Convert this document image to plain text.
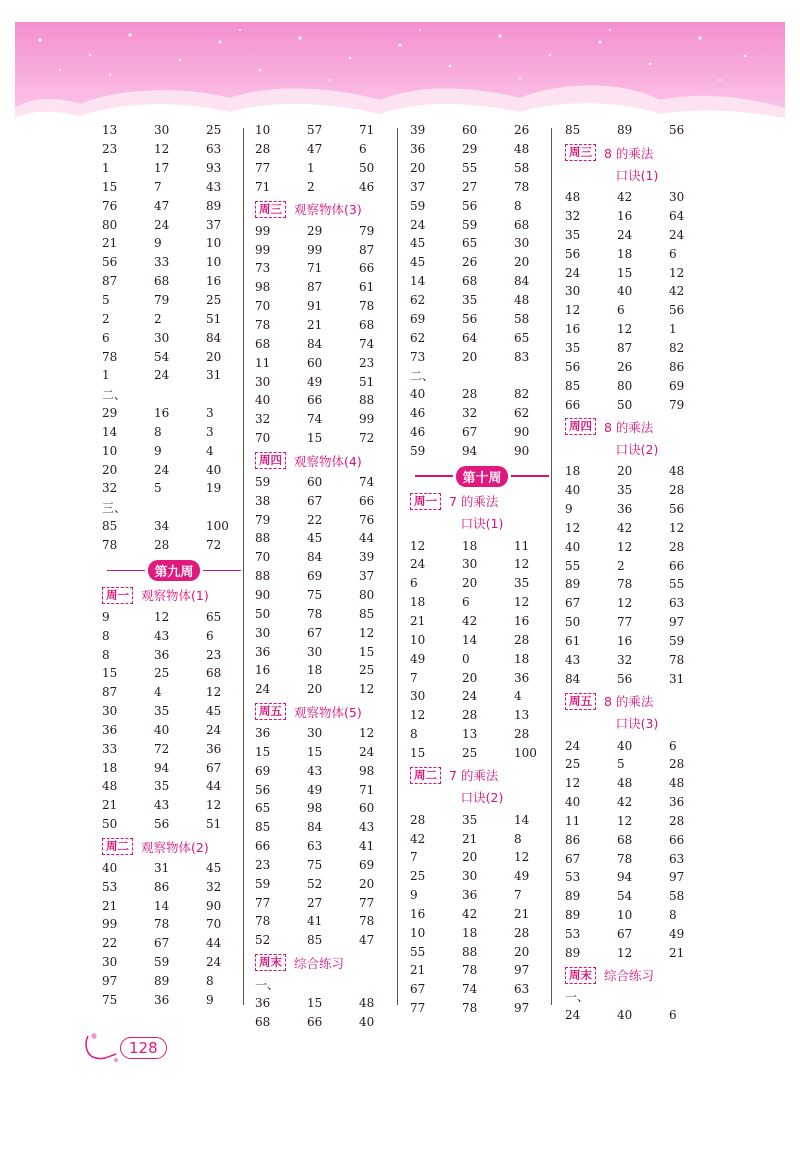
13	30	25
23	12	63
1	17	93
15	7	43
76	47	89
80	24	37
21	9	10
56	33	10
87	68	16
5	79	25
2	2	51
6	30	84
78	54	20
1	24	31
二、
29	16	3
14	8	3
10	9	4
20	24	40
32	5	19
三、
85	34	100
78	28	72
第九周
周一 观察物体(1)
9	12	65
8	43	6
8	36	23
15	25	68
87	4	12
30	35	45
36	40	24
33	72	36
18	94	67
48	35	44
21	43	12
50	56	51
周二 观察物体(2)
40	31	45
53	86	32
21	14	90
99	78	70
22	67	44
30	59	24
97	89	8
75	36	9
10	57	71
28	47	6
77	1	50
71	2	46
周三 观察物体(3)
99	29	79
99	99	87
73	71	66
98	87	61
70	91	78
78	21	68
68	84	74
11	60	23
30	49	51
40	66	88
32	74	99
70	15	72
周四 观察物体(4)
59	60	74
38	67	66
79	22	76
88	45	44
70	84	39
88	69	37
90	75	80
50	78	85
30	67	12
36	30	15
16	18	25
24	20	12
周五 观察物体(5)
36	30	12
15	15	24
69	43	98
56	49	71
65	98	60
85	84	43
66	63	41
23	75	69
59	52	20
77	27	77
78	41	78
52	85	47
周末 综合练习
一、
36	15	48
68	66	40
39	60	26
36	29	48
20	55	58
37	27	78
59	56	8
24	59	68
45	65	30
45	26	20
14	68	84
62	35	48
69	56	58
62	64	65
73	20	83
二、
40	28	82
46	32	62
46	67	90
59	94	90
第十周
周一 7 的乘法
口诀(1)
12	18	11
24	30	12
6	20	35
18	6	12
21	42	16
10	14	28
49	0	18
7	20	36
30	24	4
12	28	13
8	13	28
15	25	100
周二 7 的乘法
口诀(2)
28	35	14
42	21	8
7	20	12
25	30	49
9	36	7
16	42	21
10	18	28
55	88	20
21	78	97
67	74	63
77	78	97
85	89	56
周三 8 的乘法
口诀(1)
48	42	30
32	16	64
35	24	24
56	18	6
24	15	12
30	40	42
12	6	56
16	12	1
35	87	82
56	26	86
85	80	69
66	50	79
周四 8 的乘法
口诀(2)
18	20	48
40	35	28
9	36	56
12	42	12
40	12	28
55	2	66
89	78	55
67	12	63
50	77	97
61	16	59
43	32	78
84	56	31
周五 8 的乘法
口诀(3)
24	40	6
25	5	28
12	48	48
40	42	36
11	12	28
86	68	66
67	78	63
53	94	97
89	54	58
89	10	8
53	67	49
89	12	21
周末 综合练习
一、
24	40	6
128
